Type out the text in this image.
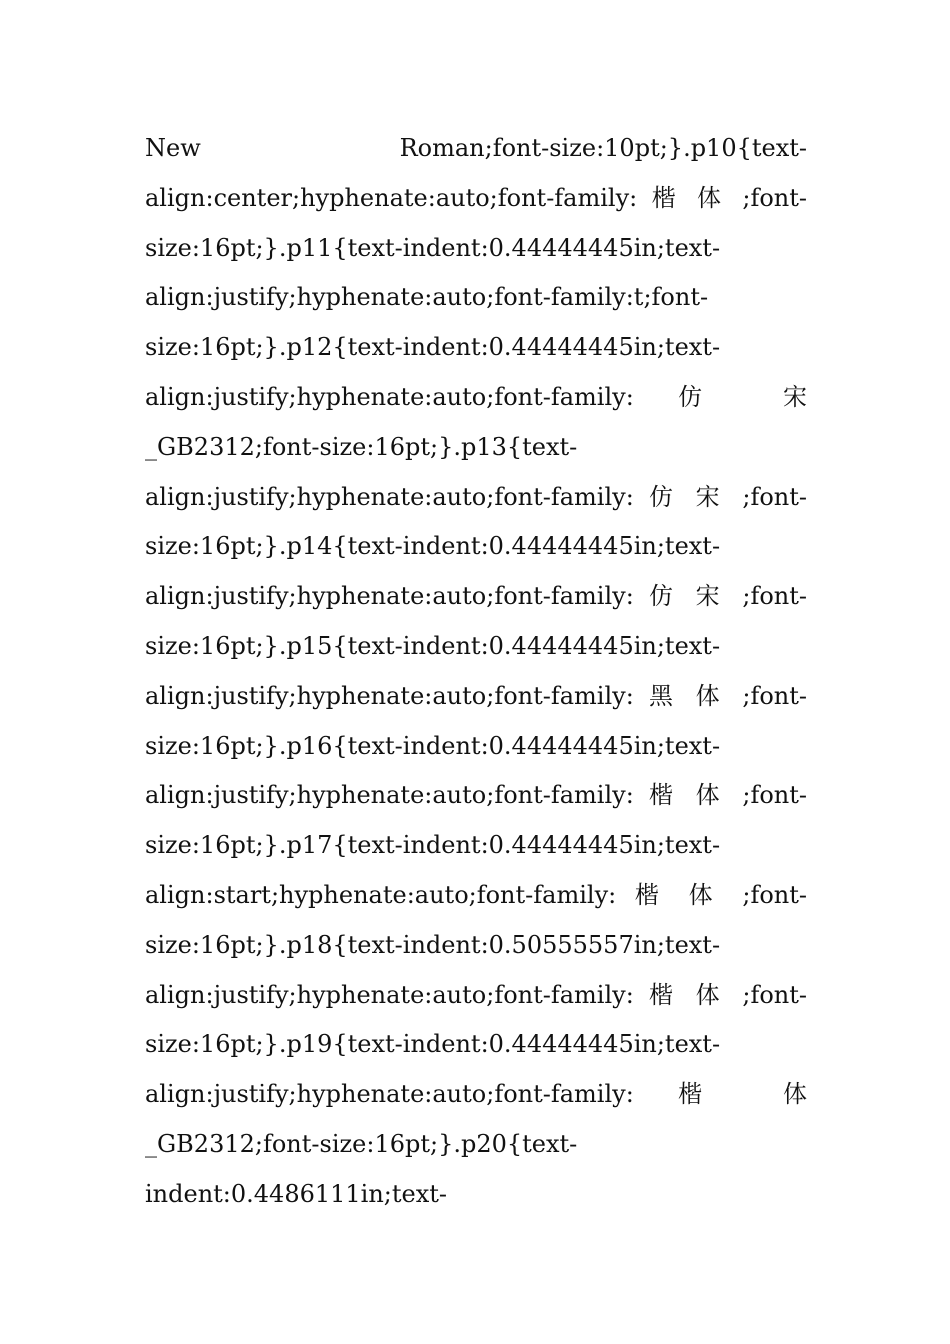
New Roman;font-size:10pt;}.p10{text-
align:center;hyphenate:auto;font-family: 楷 体 ;font-
size:16pt;}.p11{text-indent:0.44444445in;text-
align:justify;hyphenate:auto;font-family:t;font-
size:16pt;}.p12{text-indent:0.44444445in;text-
align:justify;hyphenate:auto;font-family: 仿 宋
_GB2312;font-size:16pt;}.p13{text-
align:justify;hyphenate:auto;font-family: 仿 宋 ;font-
size:16pt;}.p14{text-indent:0.44444445in;text-
align:justify;hyphenate:auto;font-family: 仿 宋 ;font-
size:16pt;}.p15{text-indent:0.44444445in;text-
align:justify;hyphenate:auto;font-family: 黑 体 ;font-
size:16pt;}.p16{text-indent:0.44444445in;text-
align:justify;hyphenate:auto;font-family: 楷 体 ;font-
size:16pt;}.p17{text-indent:0.44444445in;text-
align:start;hyphenate:auto;font-family: 楷 体 ;font-
size:16pt;}.p18{text-indent:0.50555557in;text-
align:justify;hyphenate:auto;font-family: 楷 体 ;font-
size:16pt;}.p19{text-indent:0.44444445in;text-
align:justify;hyphenate:auto;font-family: 楷 体
_GB2312;font-size:16pt;}.p20{text-
indent:0.4486111in;text-
